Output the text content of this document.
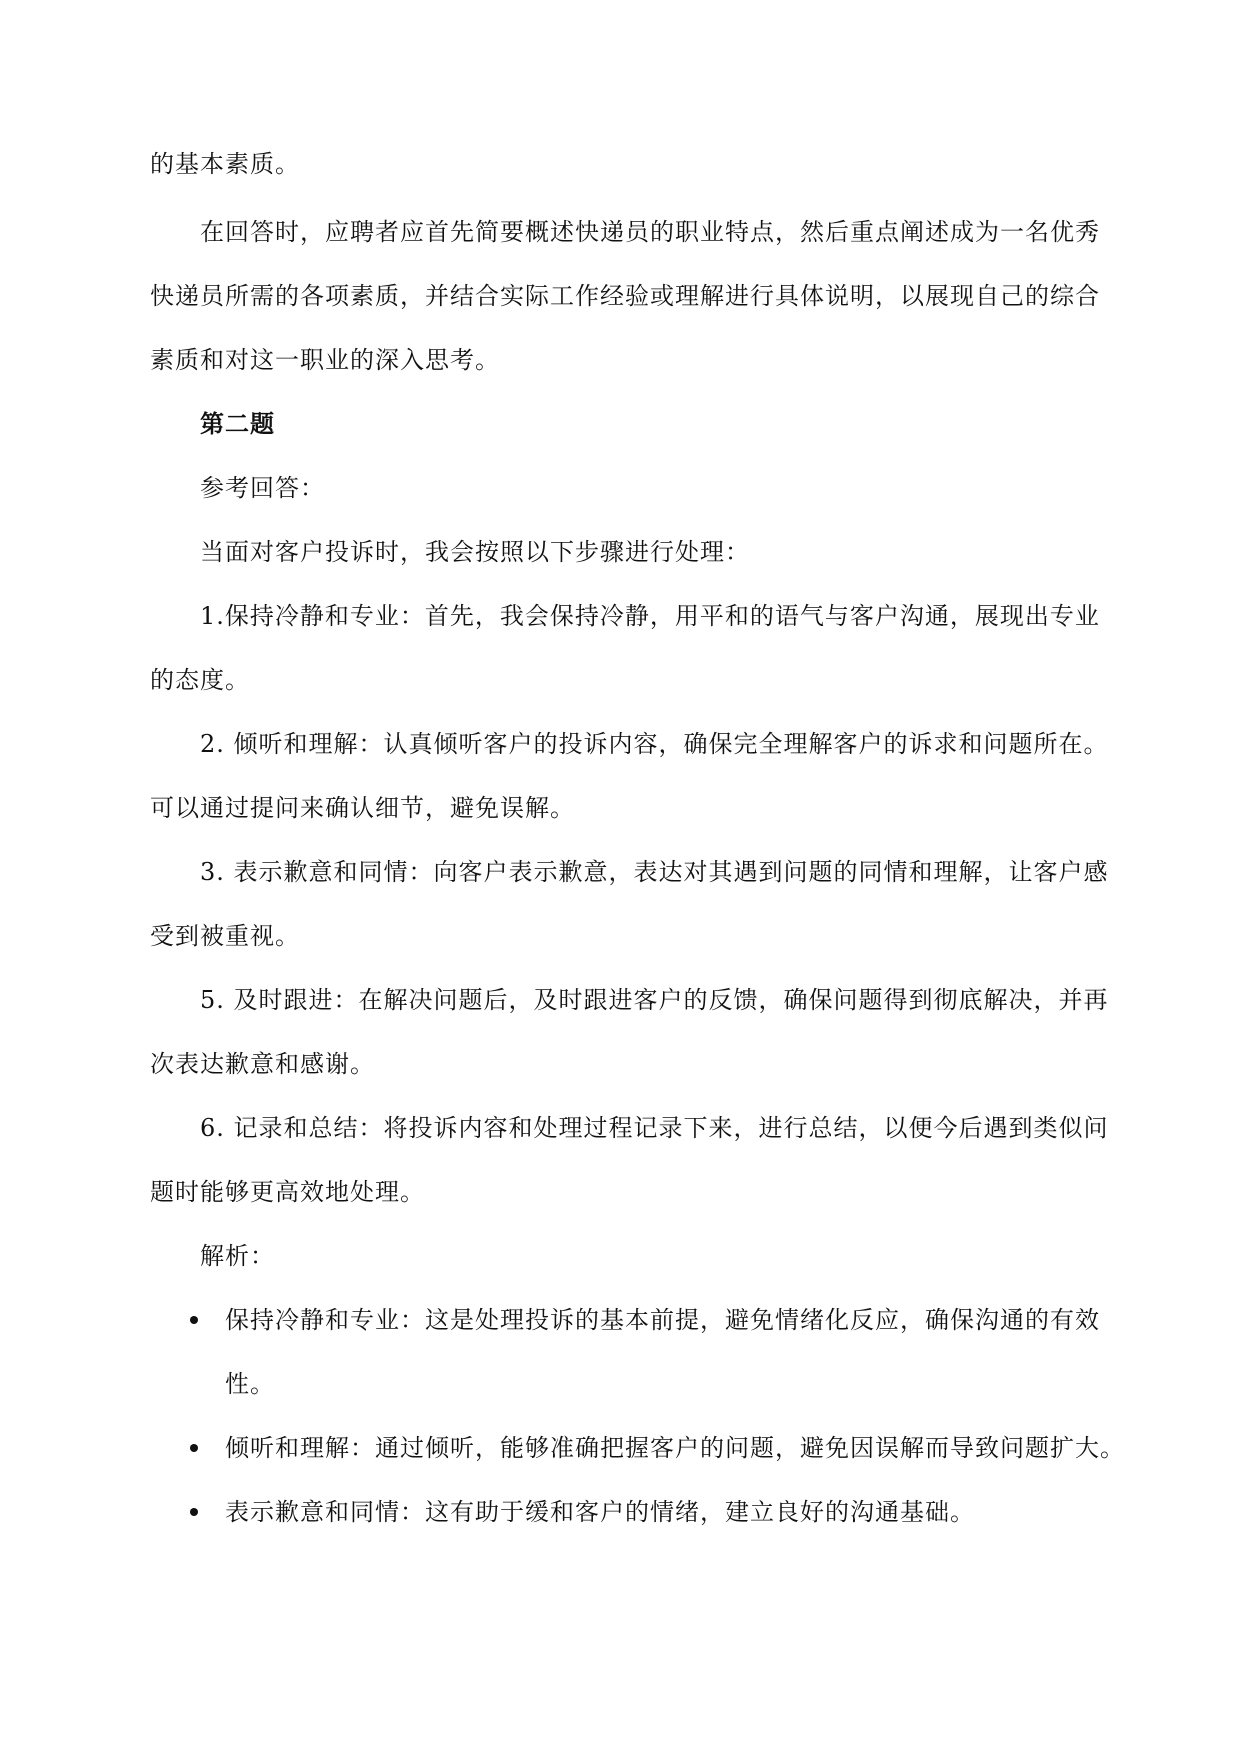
的基本素质。
在回答时，应聘者应首先简要概述快递员的职业特点，然后重点阐述成为一名优秀
快递员所需的各项素质，并结合实际工作经验或理解进行具体说明，以展现自己的综合
素质和对这一职业的深入思考。
第二题
参考回答：
当面对客户投诉时，我会按照以下步骤进行处理：
1.保持冷静和专业：首先，我会保持冷静，用平和的语气与客户沟通，展现出专业
的态度。
2. 倾听和理解：认真倾听客户的投诉内容，确保完全理解客户的诉求和问题所在。
可以通过提问来确认细节，避免误解。
3. 表示歉意和同情：向客户表示歉意，表达对其遇到问题的同情和理解，让客户感
受到被重视。
5. 及时跟进：在解决问题后，及时跟进客户的反馈，确保问题得到彻底解决，并再
次表达歉意和感谢。
6. 记录和总结：将投诉内容和处理过程记录下来，进行总结，以便今后遇到类似问
题时能够更高效地处理。
解析：
保持冷静和专业：这是处理投诉的基本前提，避免情绪化反应，确保沟通的有效
性。
倾听和理解：通过倾听，能够准确把握客户的问题，避免因误解而导致问题扩大。
表示歉意和同情：这有助于缓和客户的情绪，建立良好的沟通基础。
